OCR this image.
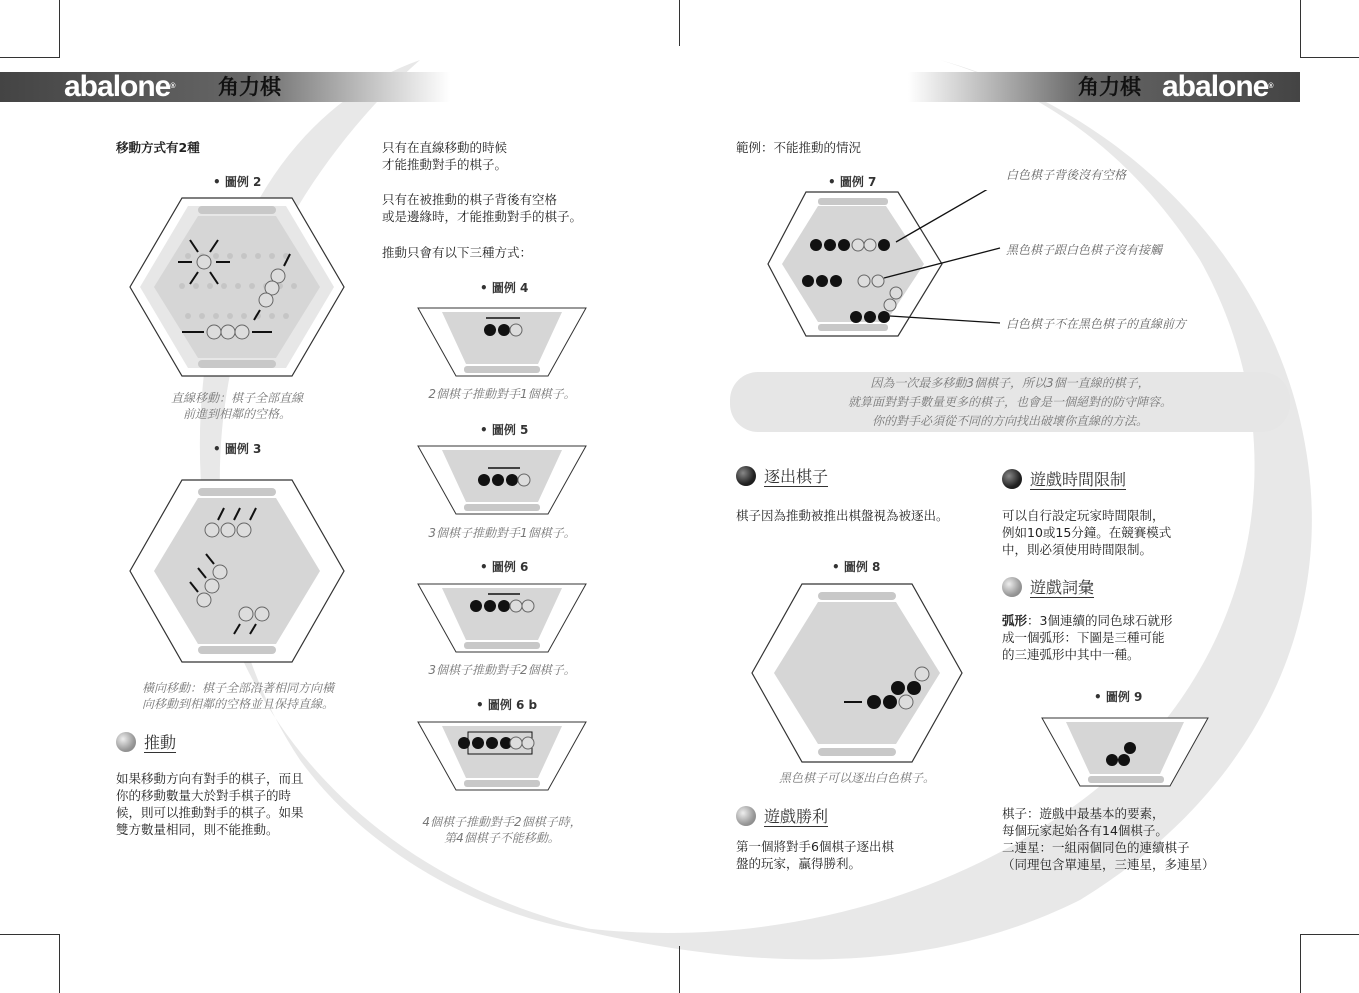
abalone® 角力棋	角力棋 abalone®
移動方式有2種
• 圖例 2
直線移動：棋子全部直線
前進到相鄰的空格。
• 圖例 3
橫向移動：棋子全部沿著相同方向橫
向移動到相鄰的空格並且保持直線。
推動
如果移動方向有對手的棋子，而且
你的移動數量大於對手棋子的時
候，則可以推動對手的棋子。如果
雙方數量相同，則不能推動。
只有在直線移動的時候
才能推動對手的棋子。
只有在被推動的棋子背後有空格
或是邊緣時，才能推動對手的棋子。
推動只會有以下三種方式：
• 圖例 4
2個棋子推動對手1個棋子。
• 圖例 5
3個棋子推動對手1個棋子。
• 圖例 6
3個棋子推動對手2個棋子。
• 圖例 6 b
4個棋子推動對手2個棋子時，
第4個棋子不能移動。
範例：不能推動的情況
• 圖例 7	白色棋子背後沒有空格
黑色棋子跟白色棋子沒有接觸
白色棋子不在黑色棋子的直線前方
因為一次最多移動3個棋子，所以3個一直線的棋子，
就算面對對手數量更多的棋子，也會是一個絕對的防守陣容。
你的對手必須從不同的方向找出破壞你直線的方法。
逐出棋子
棋子因為推動被推出棋盤視為被逐出。
• 圖例 8
黑色棋子可以逐出白色棋子。
遊戲勝利
第一個將對手6個棋子逐出棋
盤的玩家，贏得勝利。
遊戲時間限制
可以自行設定玩家時間限制，
例如10或15分鐘。在競賽模式
中，則必須使用時間限制。
遊戲詞彙
弧形：3個連續的同色球石就形
成一個弧形：下圖是三種可能
的三連弧形中其中一種。
• 圖例 9
棋子：遊戲中最基本的要素，
每個玩家起始各有14個棋子。
二連星：一組兩個同色的連續棋子
（同理包含單連星，三連星，多連星）
